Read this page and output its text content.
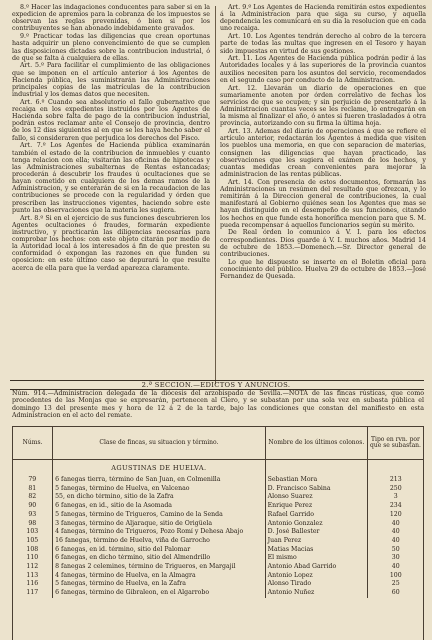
8.º Hacer las indagaciones conducentes para saber si en la expedicion de apremios para la cobranza de los impuestos se observan las reglas prevenidas, ó bien si por los contribuyentes se han abonado indebidamente gravados.

9.º Practicar todas las diligencias que crean oportunas hasta adquirir un pleno convencimiento de que se cumplen las disposiciones dictadas sobre la contribucion industrial, ó de que se falta á cualquiera de ellas.

Art. 5.º Para facilitar el cumplimiento de las obligaciones que se imponen en el artículo anterior á los Agentes de Hacienda pública, les suministrarán las Administraciones principales copias de las matrículas de la contribucion industrial y los demas datos que necesiten.

Art. 6.º Cuando sea absolutorio el fallo gubernativo que recaiga en los expedientes instruidos por los Agentes de Hacienda sobre falta de pago de la contribucion industrial, podrán estos reclamar ante el Consejo de provincia, dentro de los 12 dias siguientes al en que se les haya hecho saber el fallo, si consideraren que perjudica los derechos del Fisco.

Art. 7.º Los Agentes de Hacienda pública examinarán también el estado de la contribucion de inmuebles y cuanto tenga relacion con ella; visitarán las oficinas de hipotecas y las Administraciones subalternas de Rentas estancadas; procederán á descubrir los fraudes ú ocultaciones que se hayan cometido en cualquiera de los demas ramos de la Administracion, y se enterarán de si en la recaudacion de las contribuciones se procede con la regularidad y órden que prescriben las instrucciones vigentes, haciendo sobre este punto las observaciones que la materia les sugiera.

Art. 8.º Si en el ejercicio de sus funciones descubrieren los Agentes ocultaciones ó fraudes, formarán expediente instructivo, y practicarán las diligencias necesarias para comprobar los hechos: con este objeto citarán por medio de la Autoridad local á los interesados á fin de que presten su conformidad ó expongan las razones en que funden su oposicion: en este último caso se depurará lo que resulte acerca de ella para que la verdad aparezca claramente.

Art. 9.º Los Agentes de Hacienda remitirán estos expedientes á la Administracion para que siga su curso, y aquella dependencia les comunicará en su dia la resolucion que en cada uno recaiga.

Art. 10. Los Agentes tendrán derecho al cobro de la tercera parte de todas las multas que ingresen en el Tesoro y hayan sido impuestas en virtud de sus gestiones.

Art. 11. Los Agentes de Hacienda pública podrán pedir á las Autoridades locales y á las superiores de la provincia cuantos auxilios necesiten para los asuntos del servicio, recomendados en el segundo caso por conducto de la Administracion.

Art. 12. Llevarán un diario de operaciones en que sumariamente anoten por órden correlativo de fechas los servicios de que se ocupen; y sin perjuicio de presentarlo á la Administracion cuantas veces se les reclame, lo entregarán en la misma al finalizar el año, ó antes si fueren trasladados á otra provincia, autorizando con su firma la última hoja.

Art. 13. Ademas del diario de operaciones á que se refiere el artículo anterior, redactarán los Agentes á medida que visiten los pueblos una memoria, en que con separacion de materias, consignen las diligencias que hayan practicado, las observaciones que les sugiera el exámen de los hechos, y cuantas medidas crean convenientes para mejorar la administracion de las rentas públicas.

Art. 14. Con presencia de estos documentos, formarán las Administraciones un resúmen del resultado que ofrezcan, y lo remitirán á la Direccion general de contribuciones, la cual manifestará al Gobierno quiénes sean los Agentes que mas se hayan distinguido en el desempeño de sus funciones, citando los hechos en que funde esta honorífica mencion para que S. M. pueda recompensar á aquellos funcionarios según su mérito.

De Real órden lo comunico á V. I. para los efectos correspondientes. Dios guarde á V. I. muchos años. Madrid 14 de octubre de 1853.—Domenech.—Sr. Director general de contribuciones.

Lo que he dispuesto se inserte en el Boletin oficial para conocimiento del público. Huelva 29 de octubre de 1853.—José Fernandez de Quesada.

2.ª SECCION.—EDICTOS Y ANUNCIOS.

Núm. 914.—Administracion delegada de la diócesis del arzobispado de Sevilla.—NOTA de las fincas rústicas, que como procedentes de las Monjas que se expresarán, pertenecen al Clero, y se subastan por una sola vez en subasta pública el domingo 13 del presente mes y hora de 12 á 2 de la tarde, bajo las condiciones que constan del manifiesto en esta Administracion en el acto del remate.

Núms.	Clase de fincas, su situacion y término.	Nombre de los últimos colonos.	Tipo en rvn. por que se subastan.
	AGUSTINAS DE HUELVA.		
79	6 fanegas tierra, término de San Juan, en Colmenilla	Sebastian Mora	213
81	5 fanegas, término de Huelva, en Valcenao	D. Francisco Sabina	250
82	55, en dicho término, sitio de la Zafra	Alonso Suarez	3
90	6 fanegas, en id., sitio de la Asomada	Enrique Perez	234
93	5 fanegas, término de Trigueros, Camino de la Senda	Rafael Garrido	120
98	3 fanegas, término de Aljaraque, sitio de Origüela	Antonio Gonzalez	40
103	4 fanegas, término de Trigueros, Pozo Romí y Dehesa Abajo	D. José Ballester	40
105	16 fanegas, término de Huelva, viña de Garrocho	Juan Perez	40
108	6 fanegas, en id. término, sitio del Palomar	Matias Macias	50
110	6 fanegas, en dicho término, sitio del Almendrillo	El mismo	30
112	8 fanegas 2 celemines, término de Trigueros, en Margajil	Antonio Abad Garrido	40
113	4 fanegas, término de Huelva, en la Almagra	Antonio Lopez	100
116	5 fanegas, término de Huelva, en la Zafra	Alonso Tirado	25
117	6 fanegas, término de Gibraleon, en el Algarrobo	Antonio Nuñez	60
